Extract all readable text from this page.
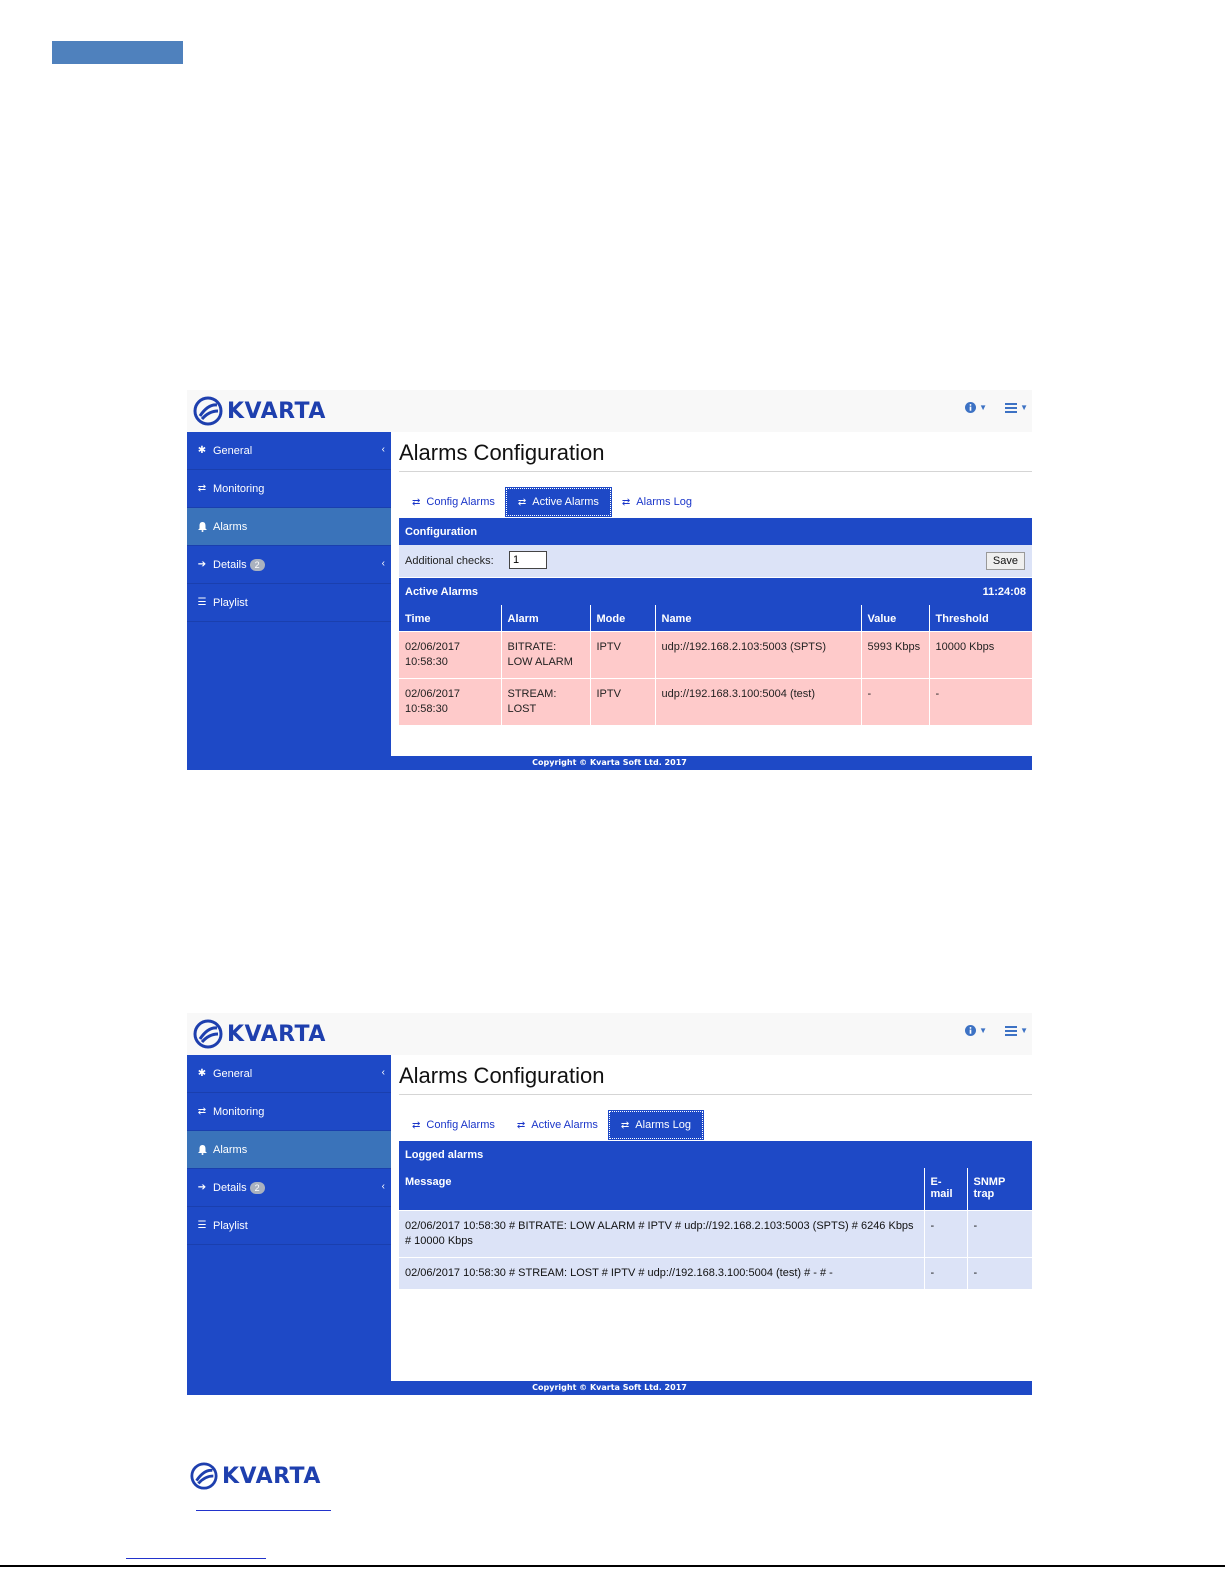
KVARTA	▼	▼
✱ General	‹
⇄ Monitoring
Alarms
➔ Details 2	‹
☰ Playlist
Alarms Configuration
⇄ Config Alarms ⇄ Active Alarms ⇄ Alarms Log
Configuration
Additional checks:
1	Save
Active Alarms	11:24:08
Time	Alarm	Mode	Name	Value	Threshold
02/06/2017 10:58:30	BITRATE: LOW ALARM	IPTV	udp://192.168.2.103:5003 (SPTS)	5993 Kbps	10000 Kbps
02/06/2017 10:58:30	STREAM: LOST	IPTV	udp://192.168.3.100:5004 (test)	-	-
Copyright © Kvarta Soft Ltd. 2017
KVARTA	▼	▼
✱ General	‹
⇄ Monitoring
Alarms
➔ Details 2	‹
☰ Playlist
Alarms Configuration
⇄ Config Alarms ⇄ Active Alarms ⇄ Alarms Log
Logged alarms
Message	E-mail	SNMP trap
02/06/2017 10:58:30 # BITRATE: LOW ALARM # IPTV # udp://192.168.2.103:5003 (SPTS) # 6246 Kbps # 10000 Kbps	-	-
02/06/2017 10:58:30 # STREAM: LOST # IPTV # udp://192.168.3.100:5004 (test) # - # -	-	-
Copyright © Kvarta Soft Ltd. 2017
KVARTA
